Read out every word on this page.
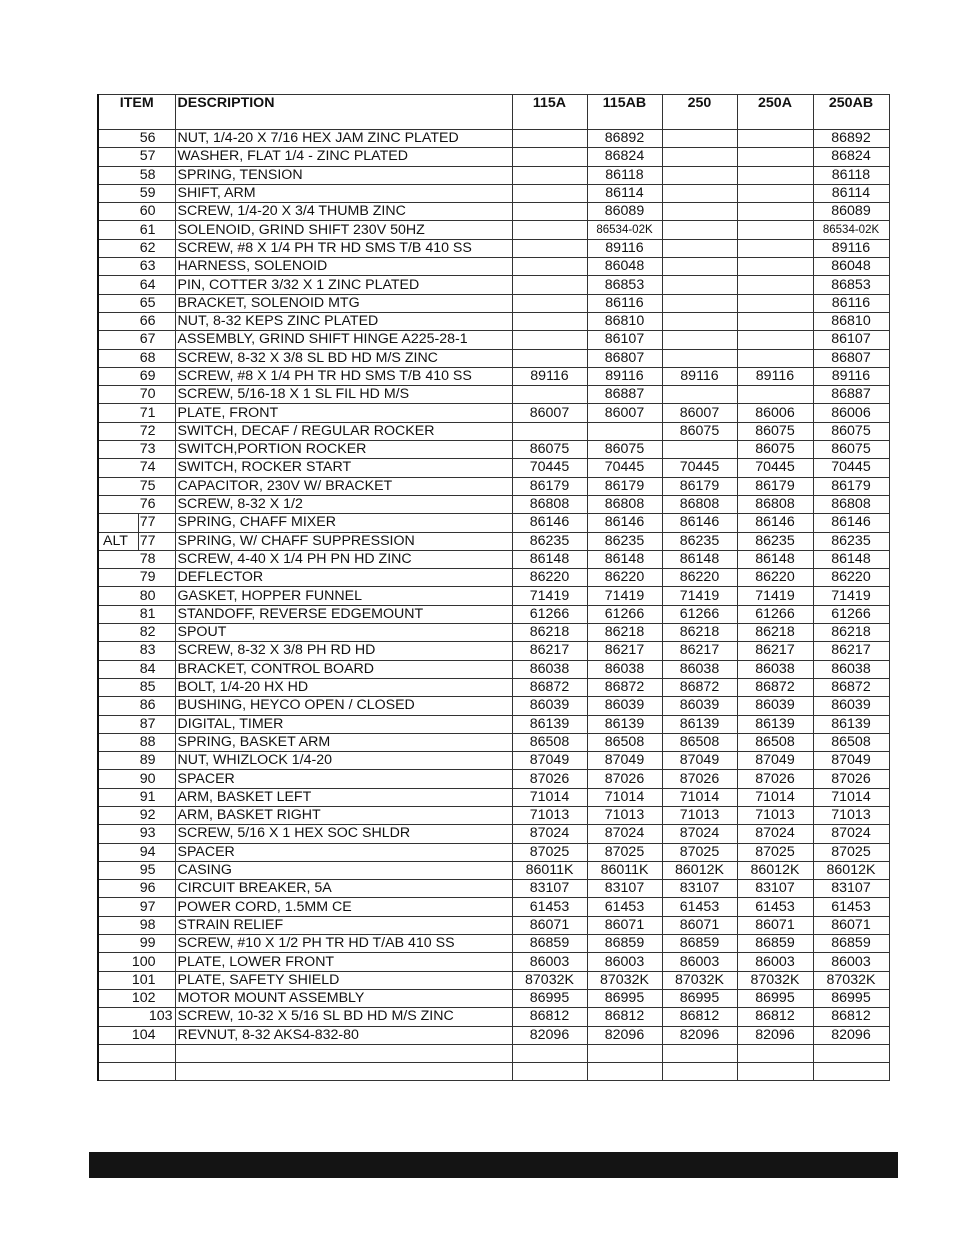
ITEM	DESCRIPTION	115A	115AB	250	250A	250AB
56	NUT, 1/4-20 X 7/16 HEX JAM ZINC PLATED		86892			86892
57	WASHER, FLAT 1/4 - ZINC PLATED		86824			86824
58	SPRING, TENSION		86118			86118
59	SHIFT, ARM		86114			86114
60	SCREW, 1/4-20 X 3/4 THUMB ZINC		86089			86089
61	SOLENOID, GRIND SHIFT 230V 50HZ		86534-02K			86534-02K
62	SCREW, #8 X 1/4 PH TR HD SMS T/B 410 SS		89116			89116
63	HARNESS, SOLENOID		86048			86048
64	PIN, COTTER 3/32 X 1 ZINC PLATED		86853			86853
65	BRACKET, SOLENOID MTG		86116			86116
66	NUT, 8-32 KEPS ZINC PLATED		86810			86810
67	ASSEMBLY, GRIND SHIFT HINGE A225-28-1		86107			86107
68	SCREW, 8-32 X 3/8 SL BD HD M/S ZINC		86807			86807
69	SCREW, #8 X 1/4 PH TR HD SMS T/B 410 SS	89116	89116	89116	89116	89116
70	SCREW, 5/16-18 X 1 SL FIL HD M/S		86887			86887
71	PLATE, FRONT	86007	86007	86007	86006	86006
72	SWITCH, DECAF / REGULAR ROCKER			86075	86075	86075
73	SWITCH,PORTION ROCKER	86075	86075		86075	86075
74	SWITCH, ROCKER START	70445	70445	70445	70445	70445
75	CAPACITOR, 230V W/ BRACKET	86179	86179	86179	86179	86179
76	SCREW, 8-32 X 1/2	86808	86808	86808	86808	86808

77	SPRING, CHAFF MIXER	86146	86146	86146	86146	86146

ALT 77	SPRING, W/ CHAFF SUPPRESSION	86235	86235	86235	86235	86235
78	SCREW, 4-40 X 1/4 PH PN HD ZINC	86148	86148	86148	86148	86148
79	DEFLECTOR	86220	86220	86220	86220	86220
80	GASKET, HOPPER FUNNEL	71419	71419	71419	71419	71419
81	STANDOFF, REVERSE EDGEMOUNT	61266	61266	61266	61266	61266
82	SPOUT	86218	86218	86218	86218	86218
83	SCREW, 8-32 X 3/8 PH RD HD	86217	86217	86217	86217	86217
84	BRACKET, CONTROL BOARD	86038	86038	86038	86038	86038
85	BOLT, 1/4-20 HX HD	86872	86872	86872	86872	86872
86	BUSHING, HEYCO OPEN / CLOSED	86039	86039	86039	86039	86039
87	DIGITAL, TIMER	86139	86139	86139	86139	86139
88	SPRING, BASKET ARM	86508	86508	86508	86508	86508
89	NUT, WHIZLOCK 1/4-20	87049	87049	87049	87049	87049
90	SPACER	87026	87026	87026	87026	87026
91	ARM, BASKET LEFT	71014	71014	71014	71014	71014
92	ARM, BASKET RIGHT	71013	71013	71013	71013	71013
93	SCREW, 5/16 X 1 HEX SOC SHLDR	87024	87024	87024	87024	87024
94	SPACER	87025	87025	87025	87025	87025
95	CASING	86011K	86011K	86012K	86012K	86012K
96	CIRCUIT BREAKER, 5A	83107	83107	83107	83107	83107
97	POWER CORD, 1.5MM CE	61453	61453	61453	61453	61453
98	STRAIN RELIEF	86071	86071	86071	86071	86071
99	SCREW, #10 X 1/2 PH TR HD T/AB 410 SS	86859	86859	86859	86859	86859
100	PLATE, LOWER FRONT	86003	86003	86003	86003	86003
101	PLATE, SAFETY SHIELD	87032K	87032K	87032K	87032K	87032K
102	MOTOR MOUNT ASSEMBLY	86995	86995	86995	86995	86995
103	SCREW, 10-32 X 5/16 SL BD HD M/S ZINC	86812	86812	86812	86812	86812
104	REVNUT, 8-32 AKS4-832-80	82096	82096	82096	82096	82096
